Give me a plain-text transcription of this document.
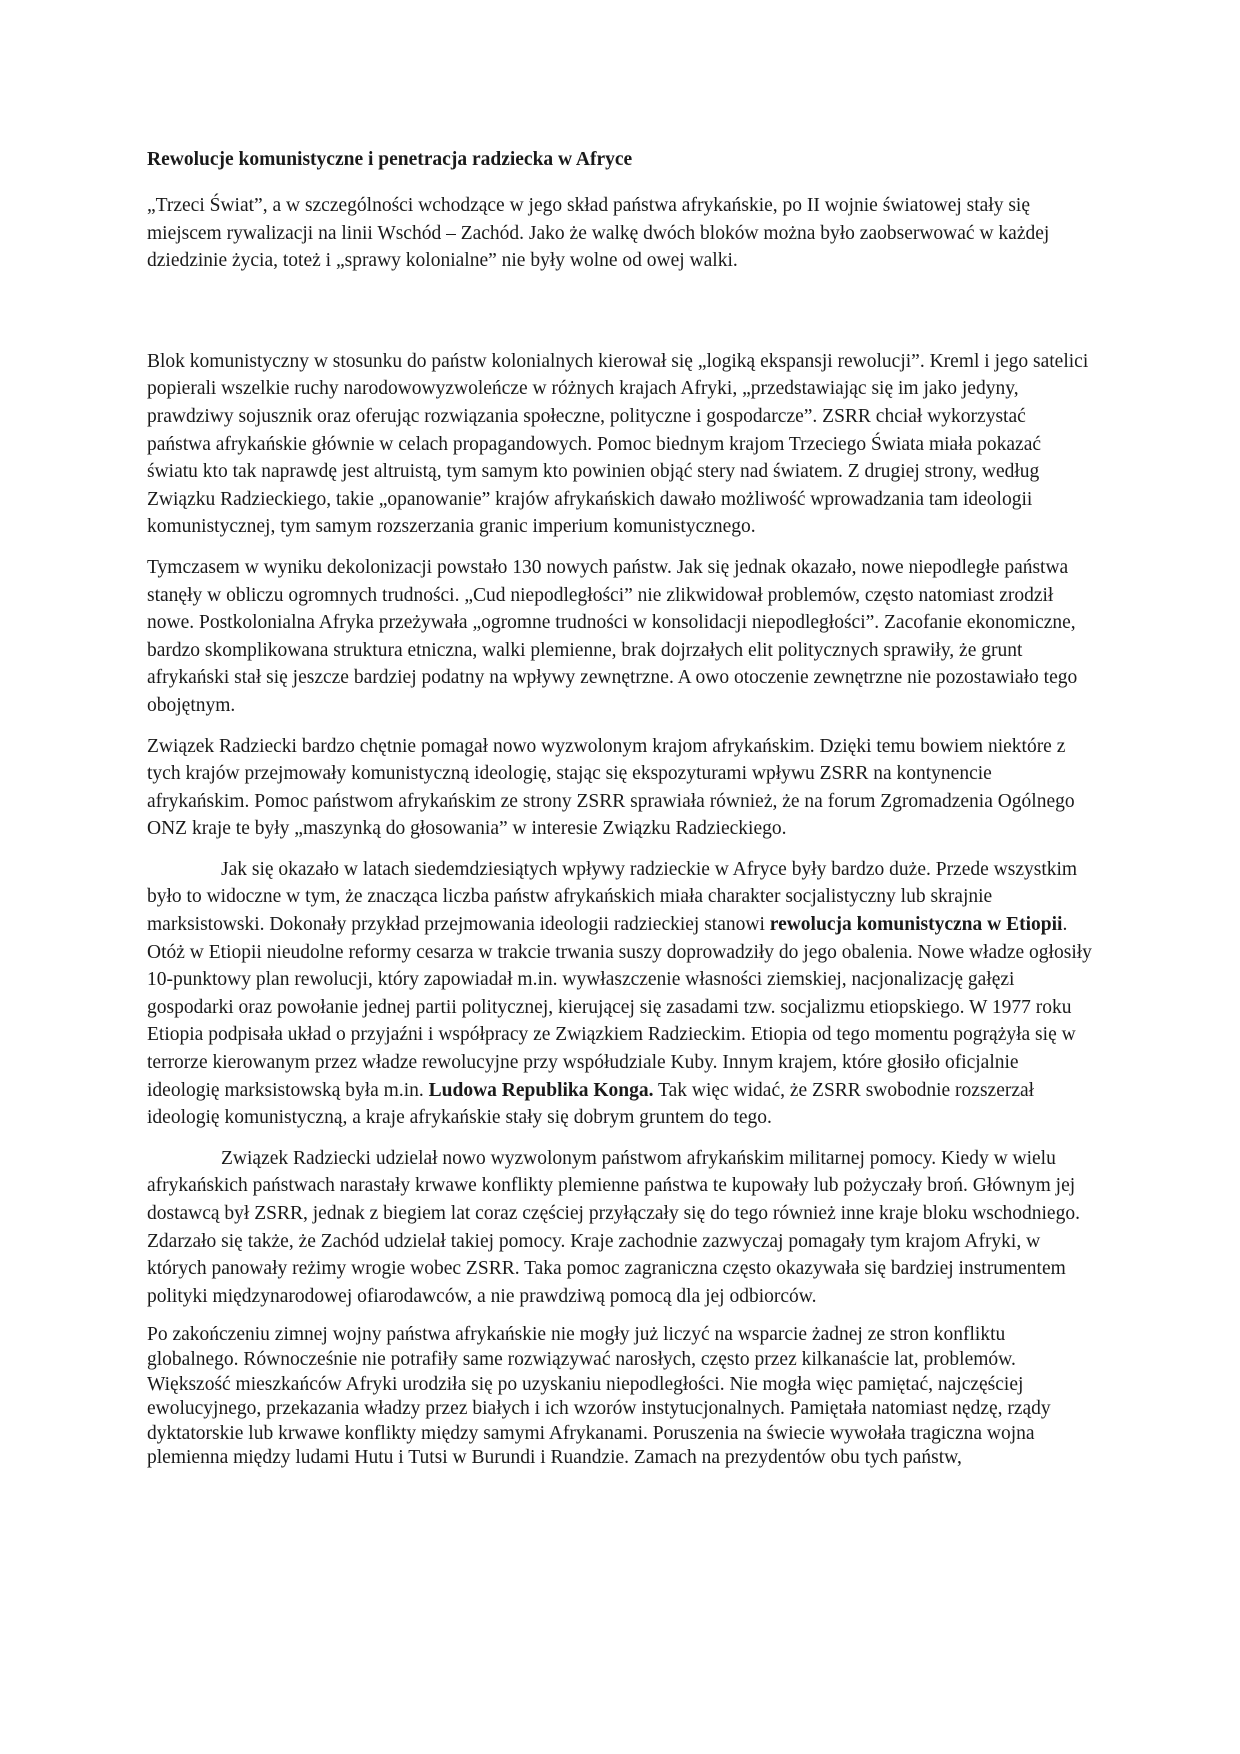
Rewolucje komunistyczne i penetracja radziecka w Afryce

„Trzeci Świat”, a w szczególności wchodzące w jego skład państwa afrykańskie, po II wojnie światowej stały się miejscem rywalizacji na linii Wschód – Zachód. Jako że walkę dwóch bloków można było zaobserwować w każdej dziedzinie życia, toteż i „sprawy kolonialne” nie były wolne od owej walki.

Blok komunistyczny w stosunku do państw kolonialnych kierował się „logiką ekspansji rewolucji”. Kreml i jego satelici popierali wszelkie ruchy narodowowyzwoleńcze w różnych krajach Afryki, „przedstawiając się im jako jedyny, prawdziwy sojusznik oraz oferując rozwiązania społeczne, polityczne i gospodarcze”. ZSRR chciał wykorzystać państwa afrykańskie głównie w celach propagandowych. Pomoc biednym krajom Trzeciego Świata miała pokazać światu kto tak naprawdę jest altruistą, tym samym kto powinien objąć stery nad światem. Z drugiej strony, według Związku Radzieckiego, takie „opanowanie” krajów afrykańskich dawało możliwość wprowadzania tam ideologii komunistycznej, tym samym rozszerzania granic imperium komunistycznego.

Tymczasem w wyniku dekolonizacji powstało 130 nowych państw. Jak się jednak okazało, nowe niepodległe państwa stanęły w obliczu ogromnych trudności. „Cud niepodległości” nie zlikwidował problemów, często natomiast zrodził nowe. Postkolonialna Afryka przeżywała „ogromne trudności w konsolidacji niepodległości”. Zacofanie ekonomiczne, bardzo skomplikowana struktura etniczna, walki plemienne, brak dojrzałych elit politycznych sprawiły, że grunt afrykański stał się jeszcze bardziej podatny na wpływy zewnętrzne. A owo otoczenie zewnętrzne nie pozostawiało tego obojętnym.

Związek Radziecki bardzo chętnie pomagał nowo wyzwolonym krajom afrykańskim. Dzięki temu bowiem niektóre z tych krajów przejmowały komunistyczną ideologię, stając się ekspozyturami wpływu ZSRR na kontynencie afrykańskim. Pomoc państwom afrykańskim ze strony ZSRR sprawiała również, że na forum Zgromadzenia Ogólnego ONZ kraje te były „maszynką do głosowania” w interesie Związku Radzieckiego.

Jak się okazało w latach siedemdziesiątych wpływy radzieckie w Afryce były bardzo duże. Przede wszystkim było to widoczne w tym, że znacząca liczba państw afrykańskich miała charakter socjalistyczny lub skrajnie marksistowski. Dokonały przykład przejmowania ideologii radzieckiej stanowi rewolucja komunistyczna w Etiopii. Otóż w Etiopii nieudolne reformy cesarza w trakcie trwania suszy doprowadziły do jego obalenia. Nowe władze ogłosiły 10-punktowy plan rewolucji, który zapowiadał m.in. wywłaszczenie własności ziemskiej, nacjonalizację gałęzi gospodarki oraz powołanie jednej partii politycznej, kierującej się zasadami tzw. socjalizmu etiopskiego. W 1977 roku Etiopia podpisała układ o przyjaźni i współpracy ze Związkiem Radzieckim. Etiopia od tego momentu pogrążyła się w terrorze kierowanym przez władze rewolucyjne przy współudziale Kuby. Innym krajem, które głosiło oficjalnie ideologię marksistowską była m.in. Ludowa Republika Konga. Tak więc widać, że ZSRR swobodnie rozszerzał ideologię komunistyczną, a kraje afrykańskie stały się dobrym gruntem do tego.

Związek Radziecki udzielał nowo wyzwolonym państwom afrykańskim militarnej pomocy. Kiedy w wielu afrykańskich państwach narastały krwawe konflikty plemienne państwa te kupowały lub pożyczały broń. Głównym jej dostawcą był ZSRR, jednak z biegiem lat coraz częściej przyłączały się do tego również inne kraje bloku wschodniego. Zdarzało się także, że Zachód udzielał takiej pomocy. Kraje zachodnie zazwyczaj pomagały tym krajom Afryki, w których panowały reżimy wrogie wobec ZSRR. Taka pomoc zagraniczna często okazywała się bardziej instrumentem polityki międzynarodowej ofiarodawców, a nie prawdziwą pomocą dla jej odbiorców.

Po zakończeniu zimnej wojny państwa afrykańskie nie mogły już liczyć na wsparcie żadnej ze stron konfliktu globalnego. Równocześnie nie potrafiły same rozwiązywać narosłych, często przez kilkanaście lat, problemów. Większość mieszkańców Afryki urodziła się po uzyskaniu niepodległości. Nie mogła więc pamiętać, najczęściej ewolucyjnego, przekazania władzy przez białych i ich wzorów instytucjonalnych. Pamiętała natomiast nędzę, rządy dyktatorskie lub krwawe konflikty między samymi Afrykanami. Poruszenia na świecie wywołała tragiczna wojna plemienna między ludami Hutu i Tutsi w Burundi i Ruandzie. Zamach na prezydentów obu tych państw,
